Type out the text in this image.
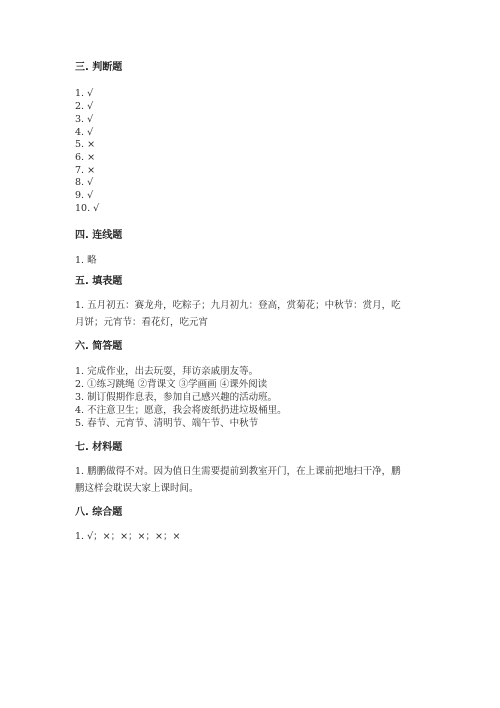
三. 判断题
1. √
2. √
3. √
4. √
5. ×
6. ×
7. ×
8. √
9. √
10. √
四. 连线题
1. 略
五. 填表题
1. 五月初五：赛龙舟，吃粽子；九月初九：登高，赏菊花；中秋节：赏月，吃
月饼；元宵节：看花灯，吃元宵
六. 简答题
1. 完成作业，出去玩耍，拜访亲戚朋友等。
2. ①练习跳绳 ②背课文 ③学画画 ④课外阅读
3. 制订假期作息表，参加自己感兴趣的活动班。
4. 不注意卫生；愿意，我会将废纸扔进垃圾桶里。
5. 春节、元宵节、清明节、端午节、中秋节
七. 材料题
1. 鹏鹏做得不对。因为值日生需要提前到教室开门，在上课前把地扫干净，鹏
鹏这样会耽误大家上课时间。
八. 综合题
1. √；×；×；×；×；×
